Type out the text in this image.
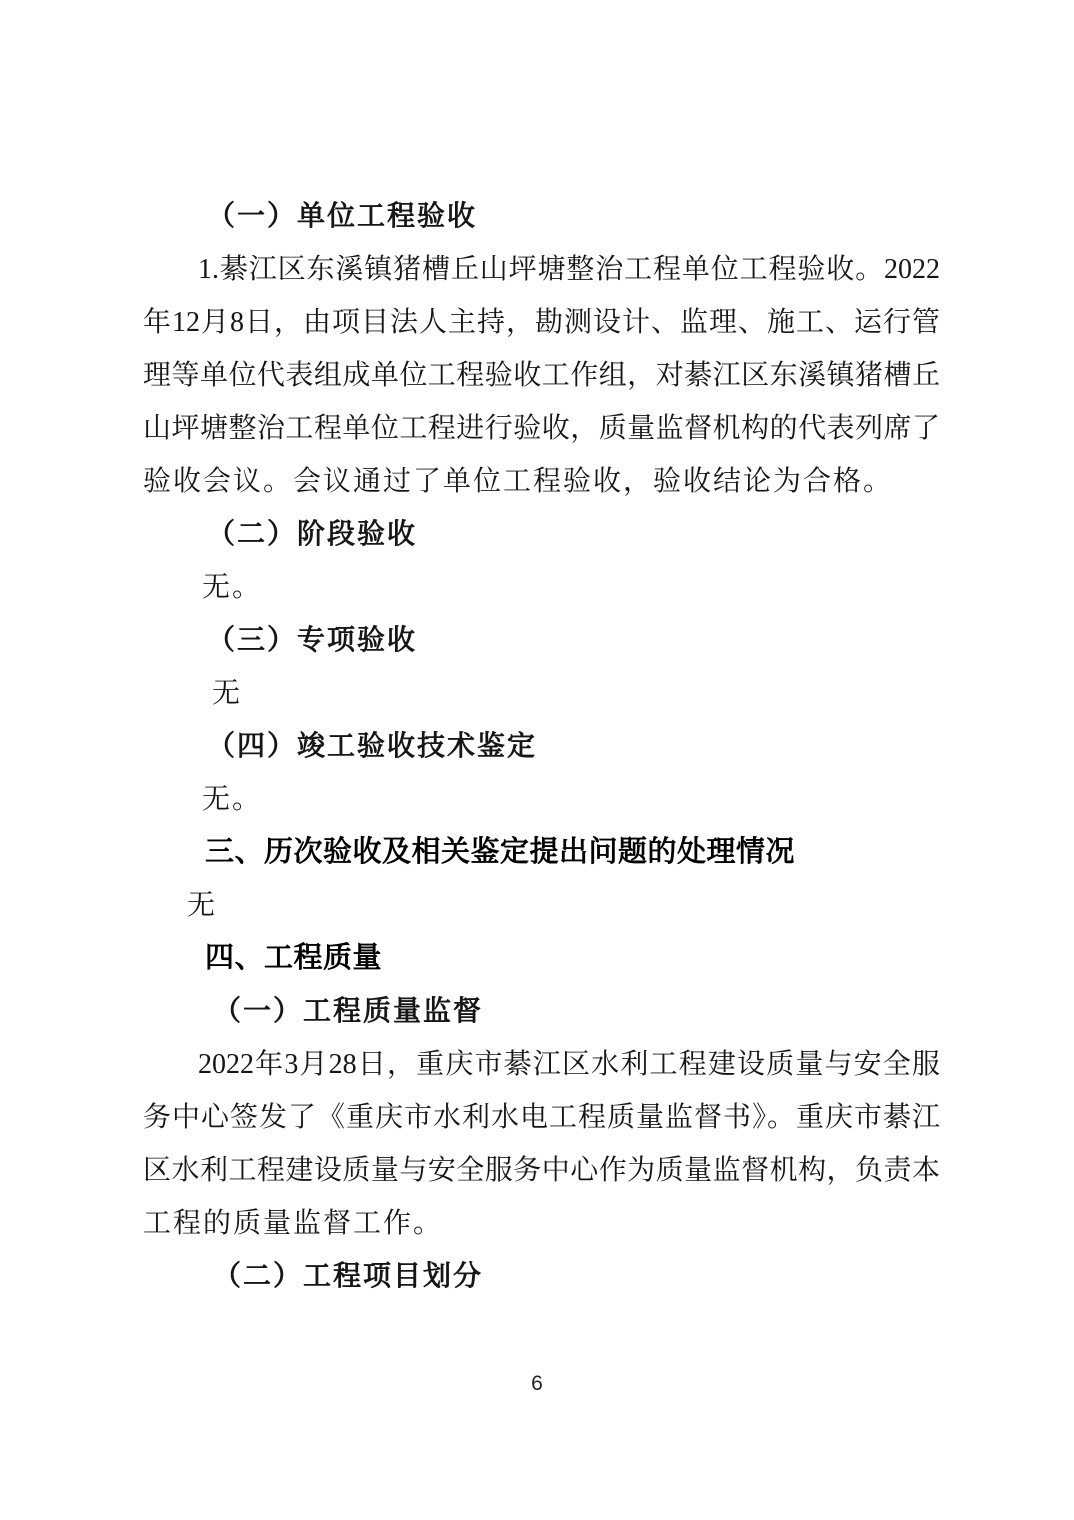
（一）单位工程验收
1.綦江区东溪镇猪槽丘山坪塘整治工程单位工程验收。2022
年12月8日，由项目法人主持，勘测设计、监理、施工、运行管
理等单位代表组成单位工程验收工作组，对綦江区东溪镇猪槽丘
山坪塘整治工程单位工程进行验收，质量监督机构的代表列席了
验收会议。会议通过了单位工程验收，验收结论为合格。
（二）阶段验收
无。
（三）专项验收
无
（四）竣工验收技术鉴定
无。
三、历次验收及相关鉴定提出问题的处理情况
无
四、工程质量
（一）工程质量监督
2022年3月28日，重庆市綦江区水利工程建设质量与安全服
务中心签发了《重庆市水利水电工程质量监督书》。重庆市綦江
区水利工程建设质量与安全服务中心作为质量监督机构，负责本
工程的质量监督工作。
（二）工程项目划分
6
